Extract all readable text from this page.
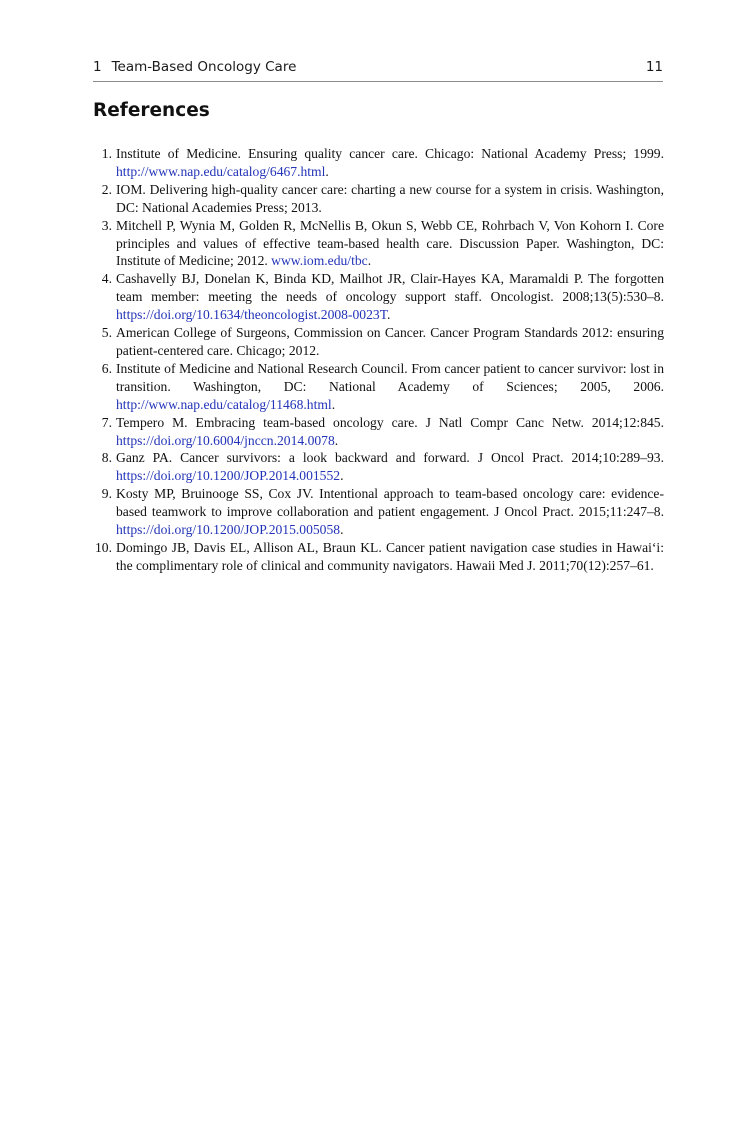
1 Team-Based Oncology Care	11
References
1. Institute of Medicine. Ensuring quality cancer care. Chicago: National Academy Press; 1999. http://www.nap.edu/catalog/6467.html.
2. IOM. Delivering high-quality cancer care: charting a new course for a system in crisis. Washington, DC: National Academies Press; 2013.
3. Mitchell P, Wynia M, Golden R, McNellis B, Okun S, Webb CE, Rohrbach V, Von Kohorn I. Core principles and values of effective team-based health care. Discussion Paper. Washington, DC: Institute of Medicine; 2012. www.iom.edu/tbc.
4. Cashavelly BJ, Donelan K, Binda KD, Mailhot JR, Clair-Hayes KA, Maramaldi P. The forgotten team member: meeting the needs of oncology support staff. Oncologist. 2008;13(5):530–8. https://doi.org/10.1634/theoncologist.2008-0023T.
5. American College of Surgeons, Commission on Cancer. Cancer Program Standards 2012: ensuring patient-centered care. Chicago; 2012.
6. Institute of Medicine and National Research Council. From cancer patient to cancer survivor: lost in transition. Washington, DC: National Academy of Sciences; 2005, 2006. http://www.nap.edu/catalog/11468.html.
7. Tempero M. Embracing team-based oncology care. J Natl Compr Canc Netw. 2014;12:845. https://doi.org/10.6004/jnccn.2014.0078.
8. Ganz PA. Cancer survivors: a look backward and forward. J Oncol Pract. 2014;10:289–93. https://doi.org/10.1200/JOP.2014.001552.
9. Kosty MP, Bruinooge SS, Cox JV. Intentional approach to team-based oncology care: evidence-based teamwork to improve collaboration and patient engagement. J Oncol Pract. 2015;11:247–8. https://doi.org/10.1200/JOP.2015.005058.
10. Domingo JB, Davis EL, Allison AL, Braun KL. Cancer patient navigation case studies in Hawai‘i: the complimentary role of clinical and community navigators. Hawaii Med J. 2011;70(12):257–61.
